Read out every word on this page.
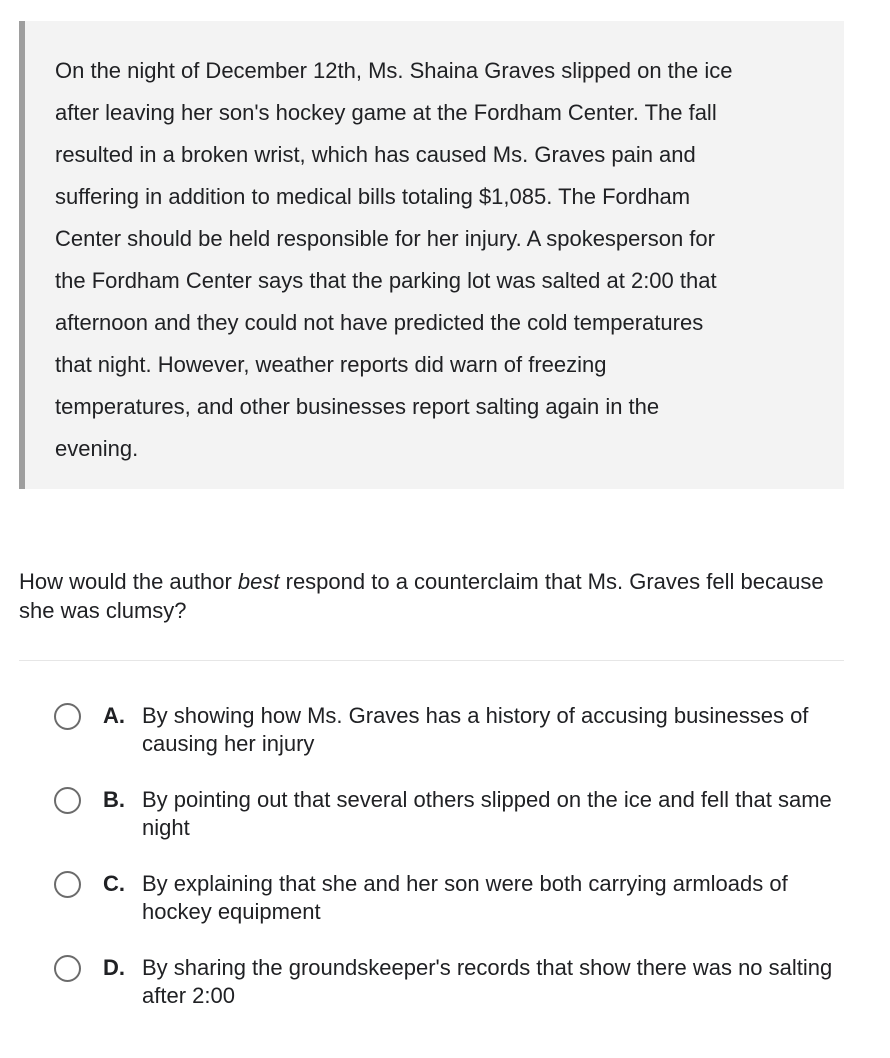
On the night of December 12th, Ms. Shaina Graves slipped on the ice
after leaving her son's hockey game at the Fordham Center. The fall
resulted in a broken wrist, which has caused Ms. Graves pain and
suffering in addition to medical bills totaling $1,085. The Fordham
Center should be held responsible for her injury. A spokesperson for
the Fordham Center says that the parking lot was salted at 2:00 that
afternoon and they could not have predicted the cold temperatures
that night. However, weather reports did warn of freezing
temperatures, and other businesses report salting again in the
evening.

How would the author best respond to a counterclaim that Ms. Graves fell because she was clumsy?
A. By showing how Ms. Graves has a history of accusing businesses of causing her injury
B. By pointing out that several others slipped on the ice and fell that same night
C. By explaining that she and her son were both carrying armloads of hockey equipment
D. By sharing the groundskeeper's records that show there was no salting after 2:00
